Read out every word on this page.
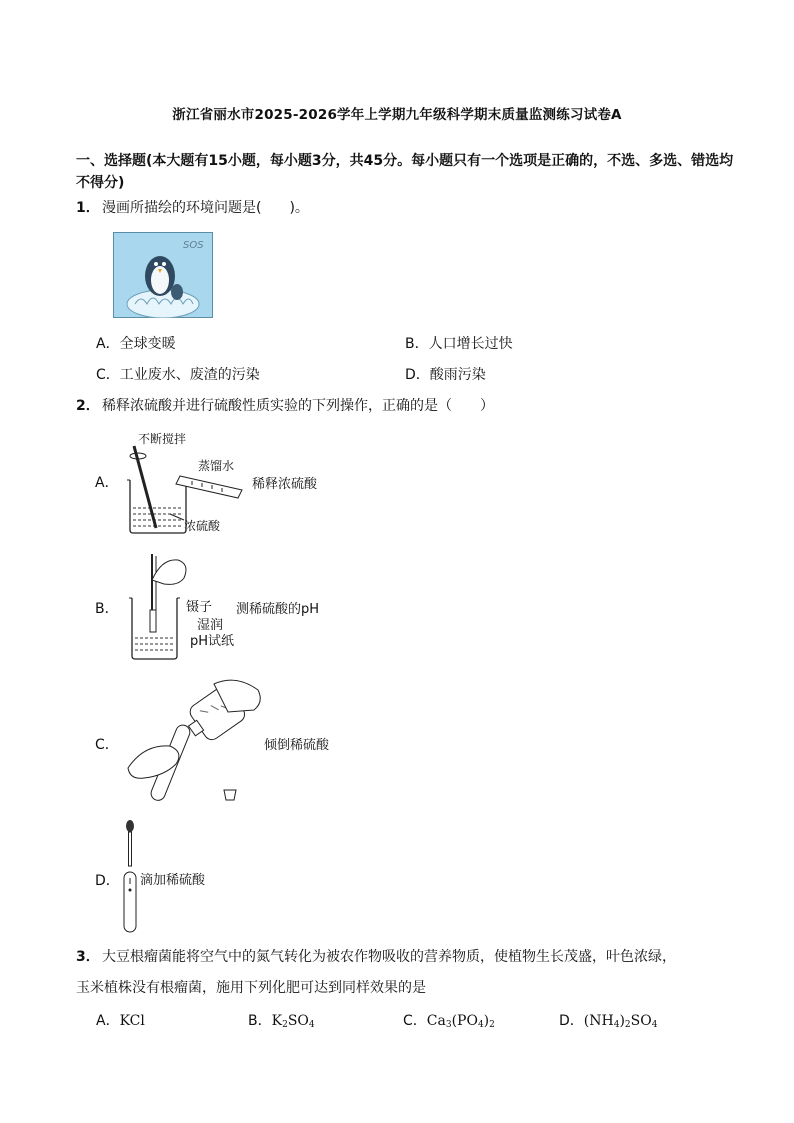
浙江省丽水市2025-2026学年上学期九年级科学期末质量监测练习试卷A
一、选择题(本大题有15小题，每小题3分，共45分。每小题只有一个选项是正确的，不选、多选、错选均不得分)
1． 漫画所描绘的环境问题是(　　)。
SOS
A．全球变暖	B．人口增长过快
C．工业废水、废渣的污染	D．酸雨污染
2． 稀释浓硫酸并进行硫酸性质实验的下列操作，正确的是（　　）
A．
不断搅拌
蒸馏水
稀释浓硫酸
浓硫酸
B．	镊子 测稀硫酸的pH
湿润
pH试纸
C．	倾倒稀硫酸
D． 滴加稀硫酸
3． 大豆根瘤菌能将空气中的氮气转化为被农作物吸收的营养物质，使植物生长茂盛，叶色浓绿，
玉米植株没有根瘤菌，施用下列化肥可达到同样效果的是
A．KCl	B．$K_2SO_4$	C．$Ca_3(PO_4)_2$	D．$(NH_4)_2SO_4$
